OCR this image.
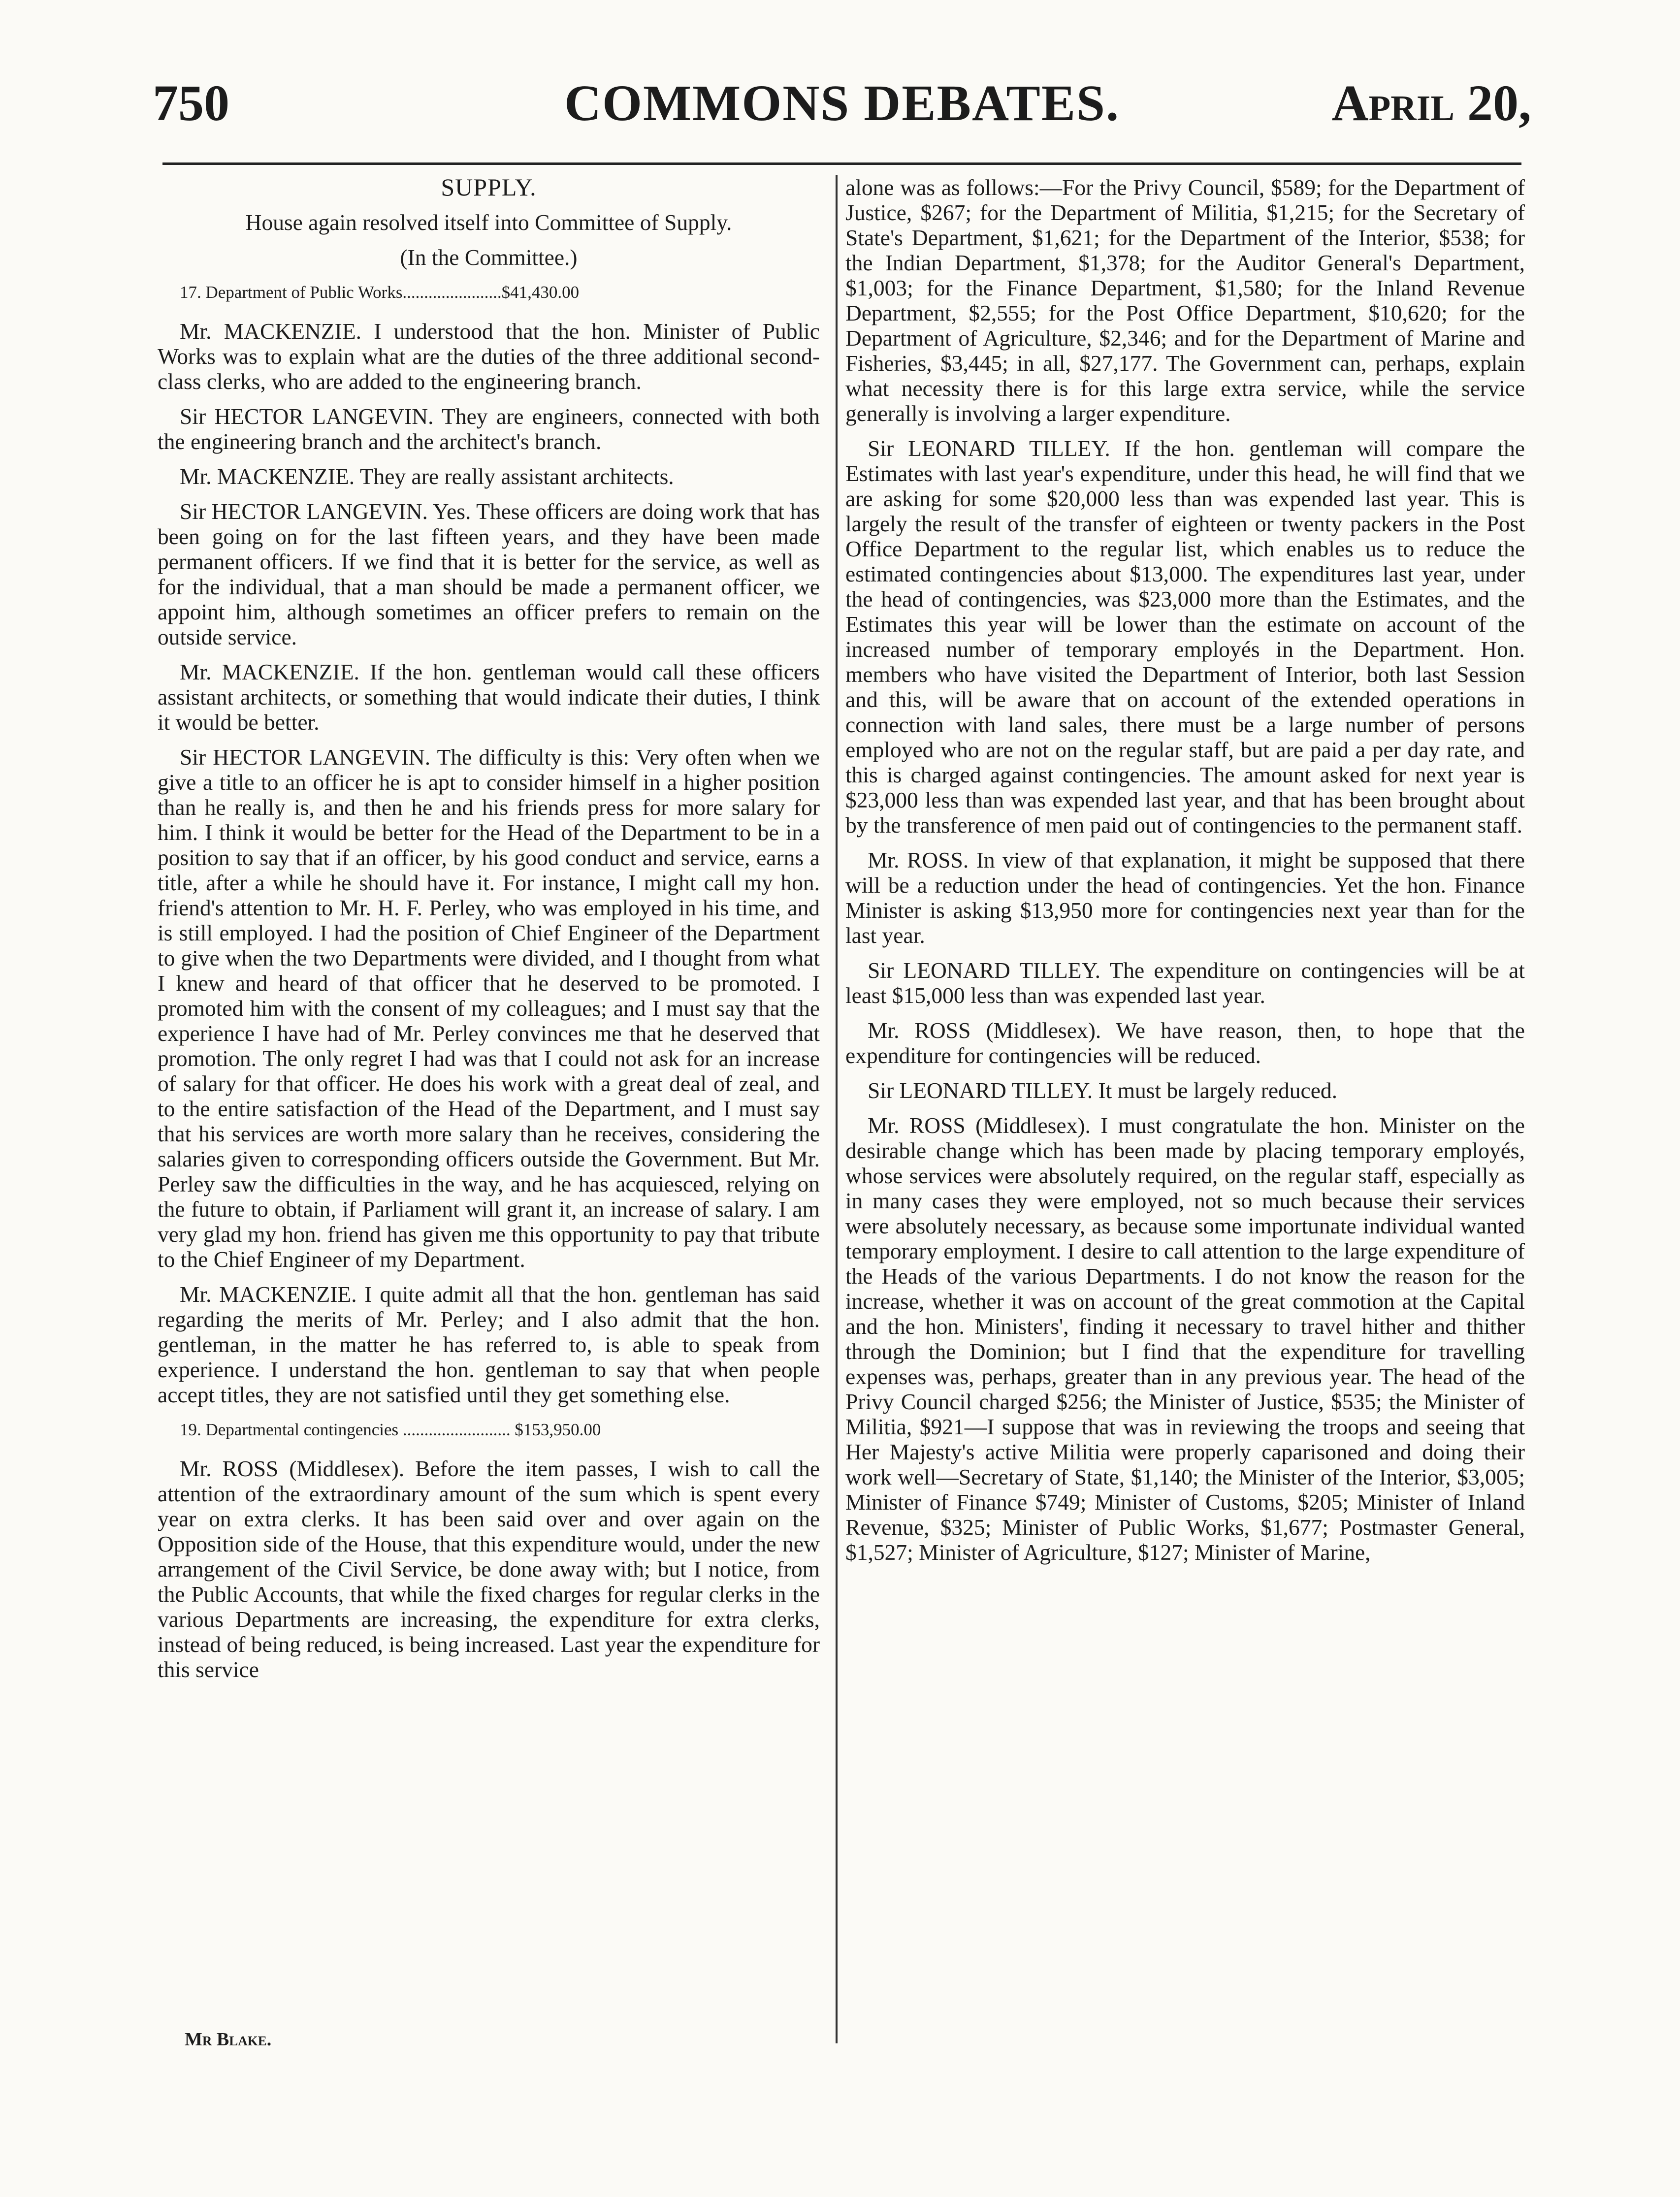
750	COMMONS DEBATES.	April 20,

SUPPLY.

House again resolved itself into Committee of Supply.

(In the Committee.)

17. Department of Public Works.......................$41,430.00

Mr. MACKENZIE. I understood that the hon. Minister of Public Works was to explain what are the duties of the three additional second-class clerks, who are added to the engineering branch.

Sir HECTOR LANGEVIN. They are engineers, connected with both the engineering branch and the architect's branch.

Mr. MACKENZIE. They are really assistant architects.

Sir HECTOR LANGEVIN. Yes. These officers are doing work that has been going on for the last fifteen years, and they have been made permanent officers. If we find that it is better for the service, as well as for the individual, that a man should be made a permanent officer, we appoint him, although sometimes an officer prefers to remain on the outside service.

Mr. MACKENZIE. If the hon. gentleman would call these officers assistant architects, or something that would indicate their duties, I think it would be better.

Sir HECTOR LANGEVIN. The difficulty is this: Very often when we give a title to an officer he is apt to consider himself in a higher position than he really is, and then he and his friends press for more salary for him. I think it would be better for the Head of the Department to be in a position to say that if an officer, by his good conduct and service, earns a title, after a while he should have it. For instance, I might call my hon. friend's attention to Mr. H. F. Perley, who was employed in his time, and is still employed. I had the position of Chief Engineer of the Department to give when the two Departments were divided, and I thought from what I knew and heard of that officer that he deserved to be promoted. I promoted him with the consent of my colleagues; and I must say that the experience I have had of Mr. Perley convinces me that he deserved that promotion. The only regret I had was that I could not ask for an increase of salary for that officer. He does his work with a great deal of zeal, and to the entire satisfaction of the Head of the Department, and I must say that his services are worth more salary than he receives, considering the salaries given to corresponding officers outside the Government. But Mr. Perley saw the difficulties in the way, and he has acquiesced, relying on the future to obtain, if Parliament will grant it, an increase of salary. I am very glad my hon. friend has given me this opportunity to pay that tribute to the Chief Engineer of my Department.

Mr. MACKENZIE. I quite admit all that the hon. gentleman has said regarding the merits of Mr. Perley; and I also admit that the hon. gentleman, in the matter he has referred to, is able to speak from experience. I understand the hon. gentleman to say that when people accept titles, they are not satisfied until they get something else.

19. Departmental contingencies ......................... $153,950.00

Mr. ROSS (Middlesex). Before the item passes, I wish to call the attention of the extraordinary amount of the sum which is spent every year on extra clerks. It has been said over and over again on the Opposition side of the House, that this expenditure would, under the new arrangement of the Civil Service, be done away with; but I notice, from the Public Accounts, that while the fixed charges for regular clerks in the various Departments are increasing, the expenditure for extra clerks, instead of being reduced, is being increased. Last year the expenditure for this service

alone was as follows:—For the Privy Council, $589; for the Department of Justice, $267; for the Department of Militia, $1,215; for the Secretary of State's Department, $1,621; for the Department of the Interior, $538; for the Indian Department, $1,378; for the Auditor General's Department, $1,003; for the Finance Department, $1,580; for the Inland Revenue Department, $2,555; for the Post Office Department, $10,620; for the Department of Agriculture, $2,346; and for the Department of Marine and Fisheries, $3,445; in all, $27,177. The Government can, perhaps, explain what necessity there is for this large extra service, while the service generally is involving a larger expenditure.

Sir LEONARD TILLEY. If the hon. gentleman will compare the Estimates with last year's expenditure, under this head, he will find that we are asking for some $20,000 less than was expended last year. This is largely the result of the transfer of eighteen or twenty packers in the Post Office Department to the regular list, which enables us to reduce the estimated contingencies about $13,000. The expenditures last year, under the head of contingencies, was $23,000 more than the Estimates, and the Estimates this year will be lower than the estimate on account of the increased number of temporary employés in the Department. Hon. members who have visited the Department of Interior, both last Session and this, will be aware that on account of the extended operations in connection with land sales, there must be a large number of persons employed who are not on the regular staff, but are paid a per day rate, and this is charged against contingencies. The amount asked for next year is $23,000 less than was expended last year, and that has been brought about by the transference of men paid out of contingencies to the permanent staff.

Mr. ROSS. In view of that explanation, it might be supposed that there will be a reduction under the head of contingencies. Yet the hon. Finance Minister is asking $13,950 more for contingencies next year than for the last year.

Sir LEONARD TILLEY. The expenditure on contingencies will be at least $15,000 less than was expended last year.

Mr. ROSS (Middlesex). We have reason, then, to hope that the expenditure for contingencies will be reduced.

Sir LEONARD TILLEY. It must be largely reduced.

Mr. ROSS (Middlesex). I must congratulate the hon. Minister on the desirable change which has been made by placing temporary employés, whose services were absolutely required, on the regular staff, especially as in many cases they were employed, not so much because their services were absolutely necessary, as because some importunate individual wanted temporary employment. I desire to call attention to the large expenditure of the Heads of the various Departments. I do not know the reason for the increase, whether it was on account of the great commotion at the Capital and the hon. Ministers', finding it necessary to travel hither and thither through the Dominion; but I find that the expenditure for travelling expenses was, perhaps, greater than in any previous year. The head of the Privy Council charged $256; the Minister of Justice, $535; the Minister of Militia, $921—I suppose that was in reviewing the troops and seeing that Her Majesty's active Militia were properly caparisoned and doing their work well—Secretary of State, $1,140; the Minister of the Interior, $3,005; Minister of Finance $749; Minister of Customs, $205; Minister of Inland Revenue, $325; Minister of Public Works, $1,677; Postmaster General, $1,527; Minister of Agriculture, $127; Minister of Marine,

Mr Blake.
